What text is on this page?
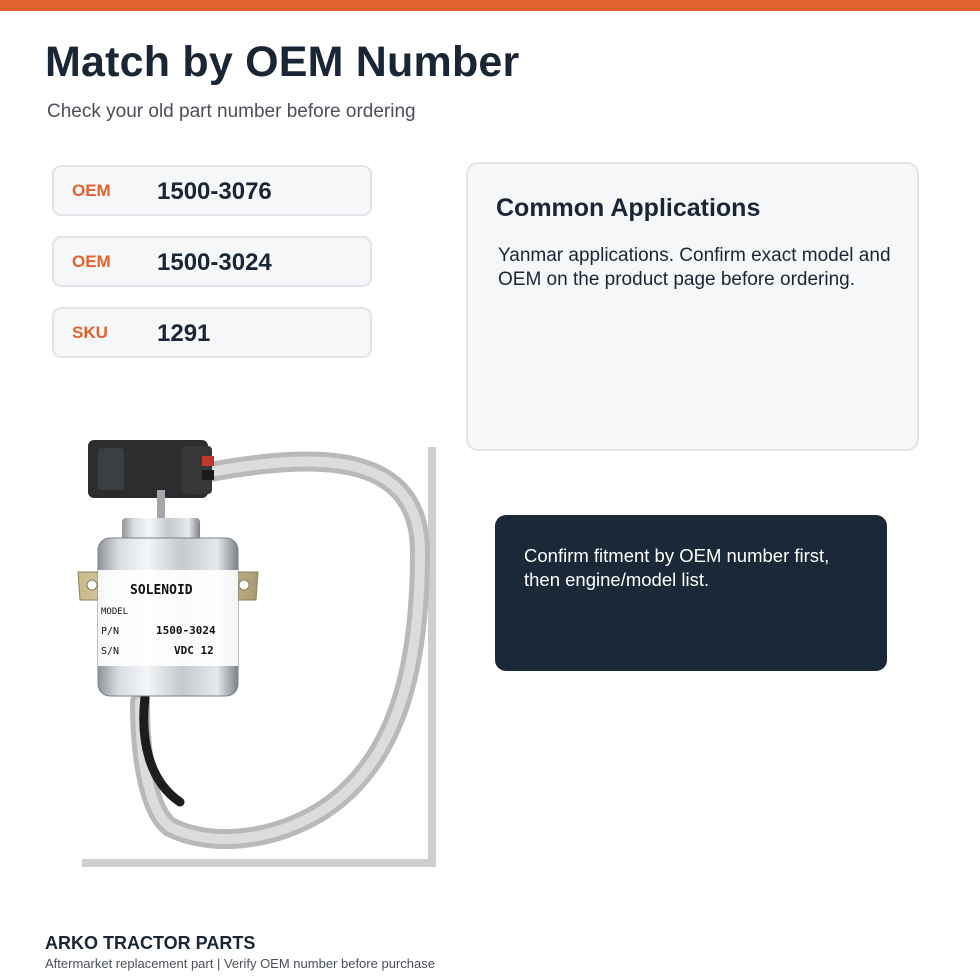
Match by OEM Number

Check your old part number before ordering

OEM 1500-3076
OEM 1500-3024
SKU 1291
Common Applications

Yanmar applications. Confirm exact model and OEM on the product page before ordering.

Confirm fitment by OEM number first, then engine/model list.

SOLENOID
MODEL
P/N
S/N
1500-3024
VDC 12
ARKO TRACTOR PARTS
Aftermarket replacement part | Verify OEM number before purchase
